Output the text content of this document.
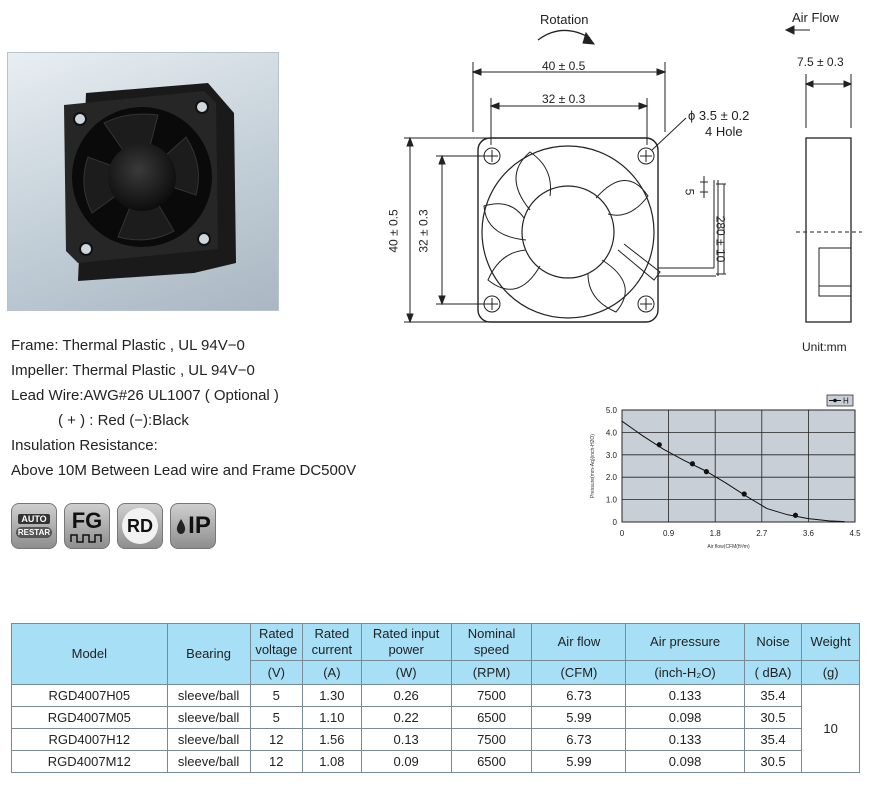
Frame: Thermal Plastic , UL 94V−0
Impeller: Thermal Plastic , UL 94V−0
Lead Wire:AWG#26 UL1007 ( Optional )
( + ) : Red (−):Black
Insulation Resistance:
Above 10M Between Lead wire and Frame DC500V
AUTO
RESTAR FG RD IP
Rotation
40 ± 0.5
32 ± 0.3
ϕ 3.5 ± 0.2
4 Hole
40 ± 0.5 32 ± 0.3
5
280 ± 10
Air Flow
7.5 ± 0.3
Unit:mm
0	0.9	1.8	2.7	3.6	4.5
0
1.0
2.0
3.0
4.0
5.0
H
Air flow(CFM(ft³/m)
Pressure(mm-Aq)(inch-H2O)
Model	Bearing	Rated voltage	Rated current	Rated input power	Nominal speed	Air flow	Air pressure	Noise	Weight
		(V)	(A)	(W)	(RPM)	(CFM)	(inch-H₂O)	( dBA)	(g)
RGD4007H05	sleeve/ball	5	1.30	0.26	7500	6.73	0.133	35.4	10
RGD4007M05	sleeve/ball	5	1.10	0.22	6500	5.99	0.098	30.5	
RGD4007H12	sleeve/ball	12	1.56	0.13	7500	6.73	0.133	35.4	
RGD4007M12	sleeve/ball	12	1.08	0.09	6500	5.99	0.098	30.5	
